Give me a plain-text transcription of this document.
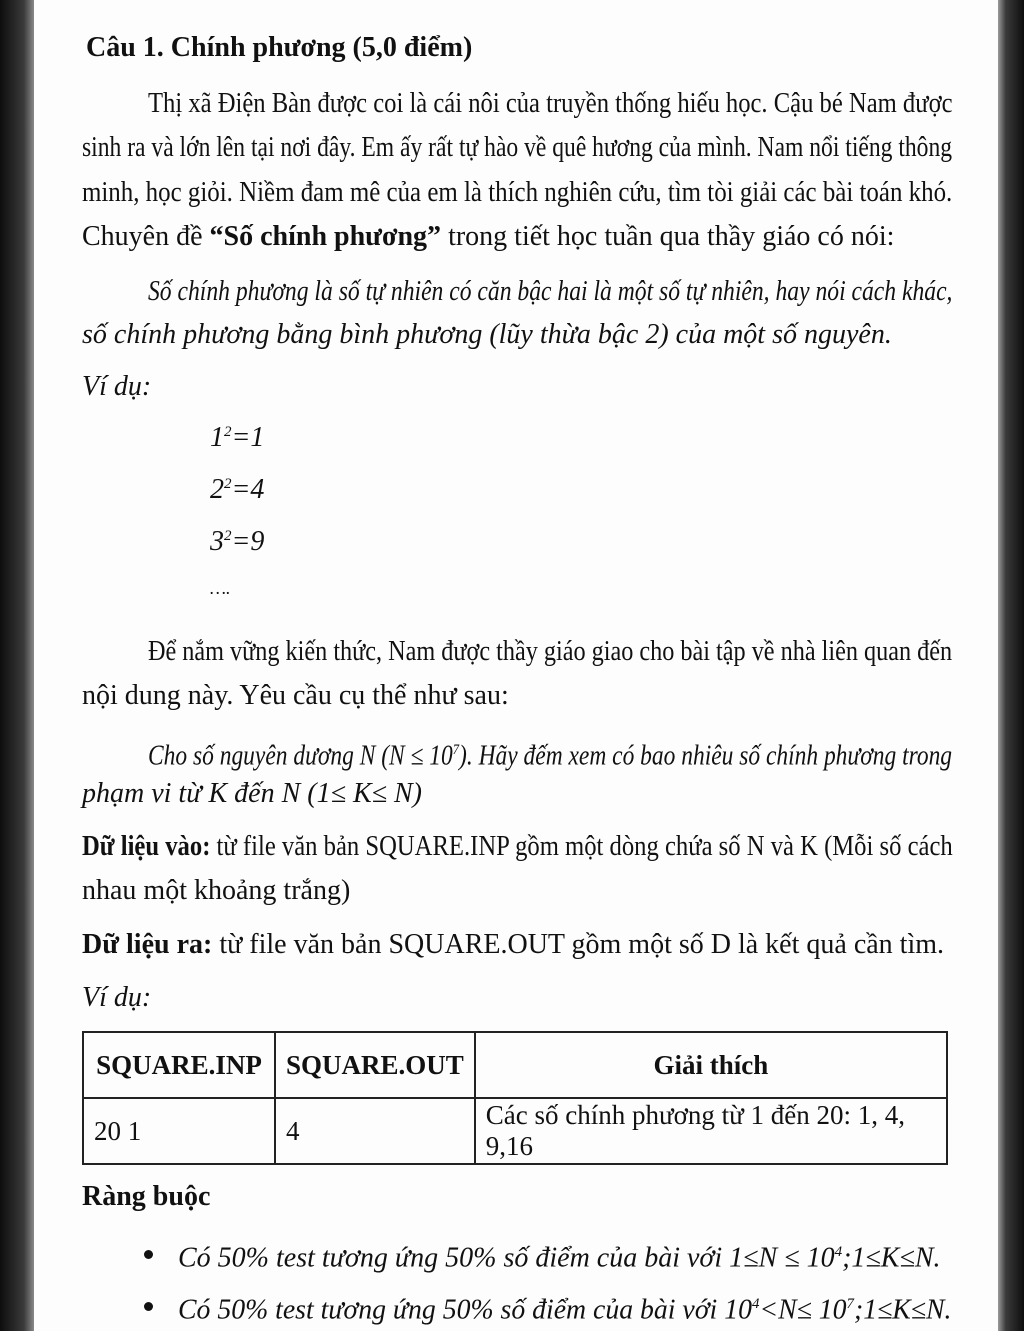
Câu 1. Chính phương (5,0 điểm)
Thị xã Điện Bàn được coi là cái nôi của truyền thống hiếu học. Cậu bé Nam được
sinh ra và lớn lên tại nơi đây. Em ấy rất tự hào về quê hương của mình. Nam nổi tiếng thông
minh, học giỏi. Niềm đam mê của em là thích nghiên cứu, tìm tòi giải các bài toán khó.
Chuyên đề “Số chính phương” trong tiết học tuần qua thầy giáo có nói:
Số chính phương là số tự nhiên có căn bậc hai là một số tự nhiên, hay nói cách khác,
số chính phương bằng bình phương (lũy thừa bậc 2) của một số nguyên.
Ví dụ:
$1^2=1$
$2^2=4$
$3^2=9$
….
Để nắm vững kiến thức, Nam được thầy giáo giao cho bài tập về nhà liên quan đến
nội dung này. Yêu cầu cụ thể như sau:
Cho số nguyên dương N $(N \le 10^7)$. Hãy đếm xem có bao nhiêu số chính phương trong
phạm vi từ K đến N (1≤ K≤ N)
Dữ liệu vào: từ file văn bản SQUARE.INP gồm một dòng chứa số N và K (Mỗi số cách
nhau một khoảng trắng)
Dữ liệu ra: từ file văn bản SQUARE.OUT gồm một số D là kết quả cần tìm.
Ví dụ:
SQUARE.INP	SQUARE.OUT	Giải thích
20 1	4	Các số chính phương từ 1 đến 20: 1, 4, 9,16
Ràng buộc
Có 50% test tương ứng 50% số điểm của bài với $1\le N \le 10^4;1\le K\le N$.
Có 50% test tương ứng 50% số điểm của bài với $10^4<N\le$ $10^7;1\le K\le N$.
